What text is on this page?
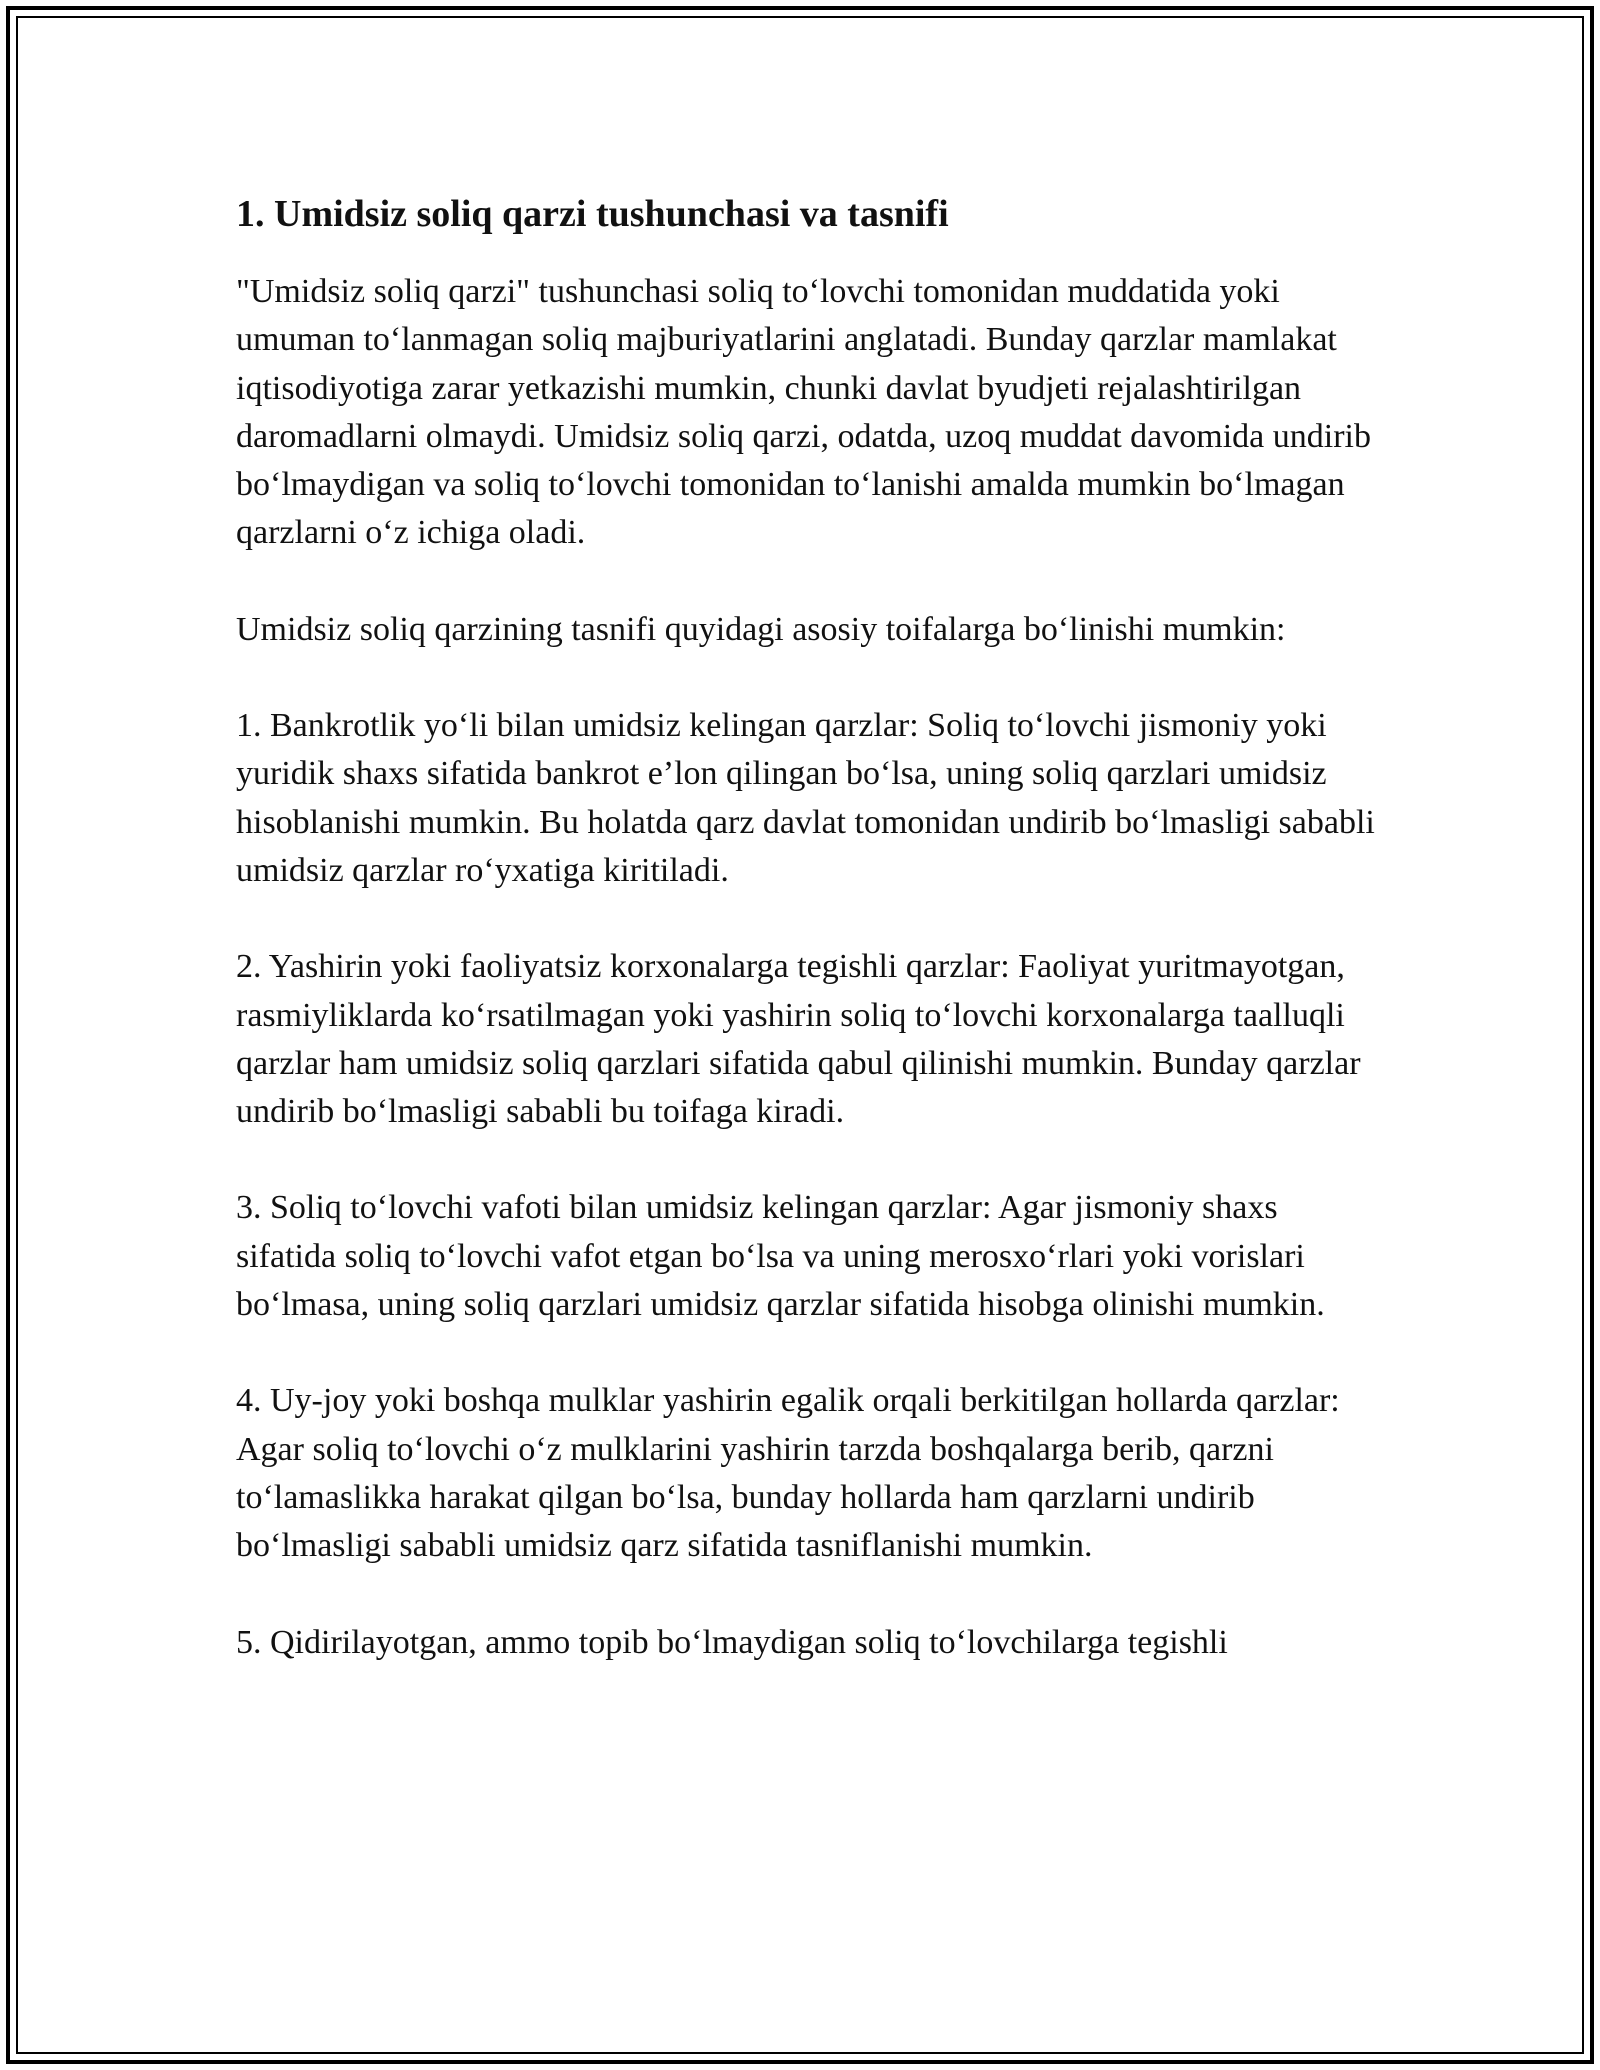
1. Umidsiz soliq qarzi tushunchasi va tasnifi

"Umidsiz soliq qarzi" tushunchasi soliq to‘lovchi tomonidan muddatida yoki umuman to‘lanmagan soliq majburiyatlarini anglatadi. Bunday qarzlar mamlakat iqtisodiyotiga zarar yetkazishi mumkin, chunki davlat byudjeti rejalashtirilgan daromadlarni olmaydi. Umidsiz soliq qarzi, odatda, uzoq muddat davomida undirib bo‘lmaydigan va soliq to‘lovchi tomonidan to‘lanishi amalda mumkin bo‘lmagan qarzlarni o‘z ichiga oladi.

Umidsiz soliq qarzining tasnifi quyidagi asosiy toifalarga bo‘linishi mumkin:

1. Bankrotlik yo‘li bilan umidsiz kelingan qarzlar: Soliq to‘lovchi jismoniy yoki yuridik shaxs sifatida bankrot e’lon qilingan bo‘lsa, uning soliq qarzlari umidsiz hisoblanishi mumkin. Bu holatda qarz davlat tomonidan undirib bo‘lmasligi sababli umidsiz qarzlar ro‘yxatiga kiritiladi.

2. Yashirin yoki faoliyatsiz korxonalarga tegishli qarzlar: Faoliyat yuritmayotgan, rasmiyliklarda ko‘rsatilmagan yoki yashirin soliq to‘lovchi korxonalarga taalluqli qarzlar ham umidsiz soliq qarzlari sifatida qabul qilinishi mumkin. Bunday qarzlar undirib bo‘lmasligi sababli bu toifaga kiradi.

3. Soliq to‘lovchi vafoti bilan umidsiz kelingan qarzlar: Agar jismoniy shaxs sifatida soliq to‘lovchi vafot etgan bo‘lsa va uning merosxo‘rlari yoki vorislari bo‘lmasa, uning soliq qarzlari umidsiz qarzlar sifatida hisobga olinishi mumkin.

4. Uy-joy yoki boshqa mulklar yashirin egalik orqali berkitilgan hollarda qarzlar: Agar soliq to‘lovchi o‘z mulklarini yashirin tarzda boshqalarga berib, qarzni to‘lamaslikka harakat qilgan bo‘lsa, bunday hollarda ham qarzlarni undirib bo‘lmasligi sababli umidsiz qarz sifatida tasniflanishi mumkin.

5. Qidirilayotgan, ammo topib bo‘lmaydigan soliq to‘lovchilarga tegishli
